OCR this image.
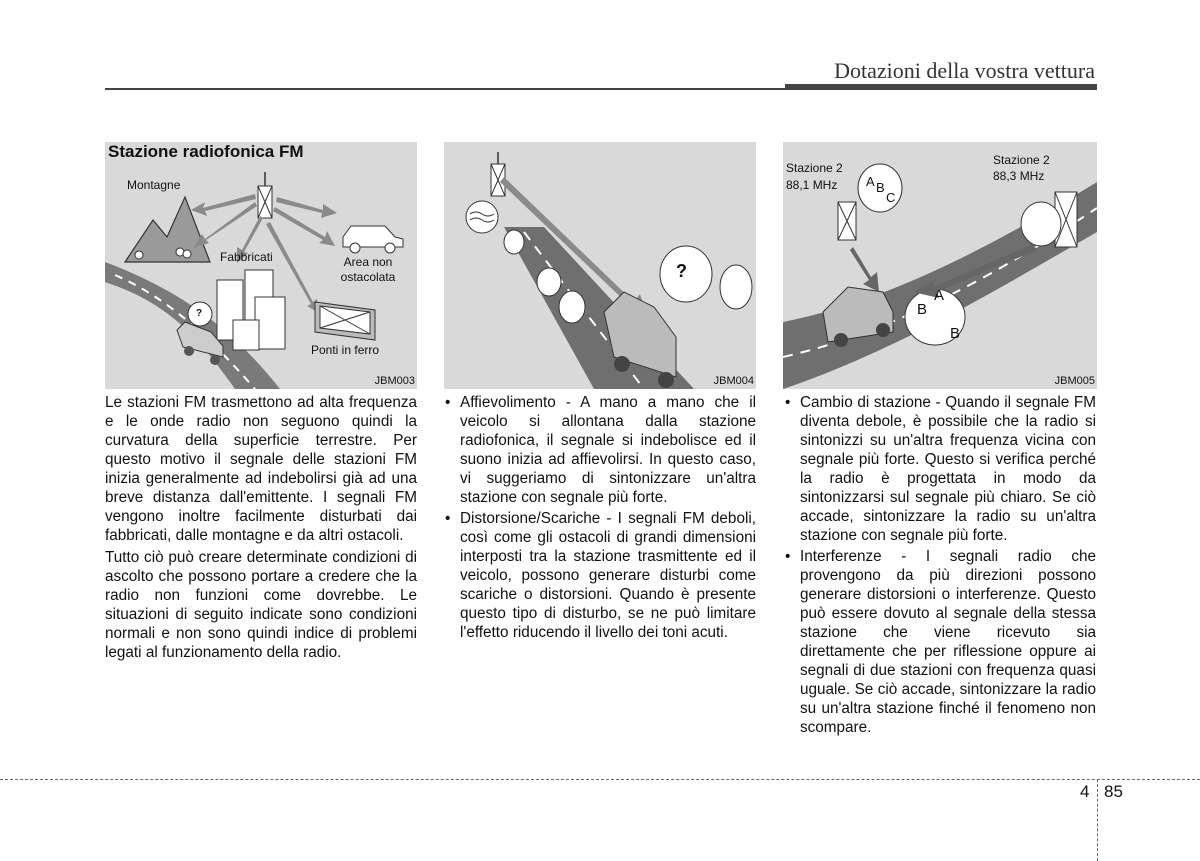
Dotazioni della vostra vettura
Stazione radiofonica FM
Montagne
Fabbricati	Area non ostacolata
Ponti in ferro
?
JBM003
?
JBM004
Stazione 2
88,1 MHz
Stazione 2
88,3 MHz
A B
C
A
B
B
JBM005

Le stazioni FM trasmettono ad alta frequenza e le onde radio non seguono quindi la curvatura della superficie terrestre. Per questo motivo il segnale delle stazioni FM inizia generalmente ad indebolirsi già ad una breve distanza dall'emittente. I segnali FM vengono inoltre facilmente disturbati dai fabbricati, dalle montagne e da altri ostacoli.

Tutto ciò può creare determinate condizioni di ascolto che possono portare a credere che la radio non funzioni come dovrebbe. Le situazioni di seguito indicate sono condizioni normali e non sono quindi indice di problemi legati al funzionamento della radio.

• Affievolimento - A mano a mano che il veicolo si allontana dalla stazione radiofonica, il segnale si indebolisce ed il suono inizia ad affievolirsi. In questo caso, vi suggeriamo di sintonizzare un'altra stazione con segnale più forte.
• Distorsione/Scariche - I segnali FM deboli, così come gli ostacoli di grandi dimensioni interposti tra la stazione trasmittente ed il veicolo, possono generare disturbi come scariche o distorsioni. Quando è presente questo tipo di disturbo, se ne può limitare l'effetto riducendo il livello dei toni acuti.
• Cambio di stazione - Quando il segnale FM diventa debole, è possibile che la radio si sintonizzi su un'altra frequenza vicina con segnale più forte. Questo si verifica perché la radio è progettata in modo da sintonizzarsi sul segnale più chiaro. Se ciò accade, sintonizzare la radio su un'altra stazione con segnale più forte.
• Interferenze - I segnali radio che provengono da più direzioni possono generare distorsioni o interferenze. Questo può essere dovuto al segnale della stessa stazione che viene ricevuto sia direttamente che per riflessione oppure ai segnali di due stazioni con frequenza quasi uguale. Se ciò accade, sintonizzare la radio su un'altra stazione finché il fenomeno non scompare.
4 85
